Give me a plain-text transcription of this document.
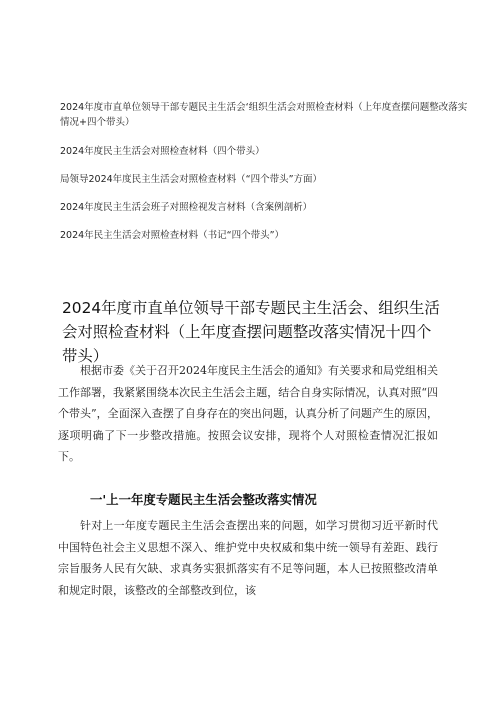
2024年度市直单位领导干部专题民主生活会‘组织生活会对照检查材料（上年度查摆问题整改落实情况+四个带头）

2024年度民主生活会对照检查材料（四个带头）

局领导2024年度民主生活会对照检查材料（“四个带头”方面）

2024年度民主生活会班子对照检视发言材料（含案例剖析）

2024年民主生活会对照检查材料（书记“四个带头”）

2024年度市直单位领导干部专题民主生活会、组织生活会对照检查材料（上年度查摆问题整改落实情况十四个带头）

根据市委《关于召开2024年度民主生活会的通知》有关要求和局党组相关工作部署，我紧紧围绕本次民主生活会主题，结合自身实际情况，认真对照“四个带头”，全面深入查摆了自身存在的突出问题，认真分析了问题产生的原因，逐项明确了下一步整改措施。按照会议安排，现将个人对照检查情况汇报如下。

一'上一年度专题民主生活会整改落实情况

针对上一年度专题民主生活会查摆出来的问题，如学习贯彻习近平新时代中国特色社会主义思想不深入、维护党中央权威和集中统一领导有差距、践行宗旨服务人民有欠缺、求真务实狠抓落实有不足等问题，本人已按照整改清单和规定时限，该整改的全部整改到位，该
